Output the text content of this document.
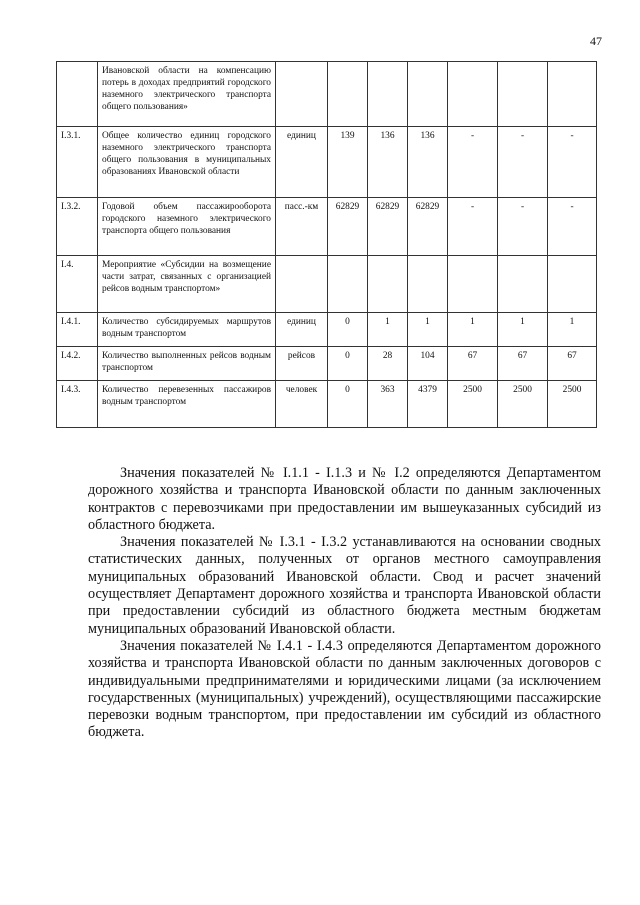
47
	Ивановской области на компенсацию потерь в доходах предприятий городского наземного электрического транспорта общего пользования»							
I.3.1.	Общее количество единиц городского наземного электрического транспорта общего пользования в муниципальных образованиях Ивановской области	единиц	139	136	136	-	-	-
I.3.2.	Годовой объем пассажирооборота городского наземного электрического транспорта общего пользования	пасс.-км	62829	62829	62829	-	-	-
I.4.	Мероприятие «Субсидии на возмещение части затрат, связанных с организацией рейсов водным транспортом»							
I.4.1.	Количество субсидируемых маршрутов водным транспортом	единиц	0	1	1	1	1	1
I.4.2.	Количество выполненных рейсов водным транспортом	рейсов	0	28	104	67	67	67
I.4.3.	Количество перевезенных пассажиров водным транспортом	человек	0	363	4379	2500	2500	2500

Значения показателей № I.1.1 - I.1.3 и № I.2 определяются Департаментом дорожного хозяйства и транспорта Ивановской области по данным заключенных контрактов с перевозчиками при предоставлении им вышеуказанных субсидий из областного бюджета.

Значения показателей № I.3.1 - I.3.2 устанавливаются на основании сводных статистических данных, полученных от органов местного самоуправления муниципальных образований Ивановской области. Свод и расчет значений осуществляет Департамент дорожного хозяйства и транспорта Ивановской области при предоставлении субсидий из областного бюджета местным бюджетам муниципальных образований Ивановской области.

Значения показателей № I.4.1 - I.4.3 определяются Департаментом дорожного хозяйства и транспорта Ивановской области по данным заключенных договоров с индивидуальными предпринимателями и юридическими лицами (за исключением государственных (муниципальных) учреждений), осуществляющими пассажирские перевозки водным транспортом, при предоставлении им субсидий из областного бюджета.
